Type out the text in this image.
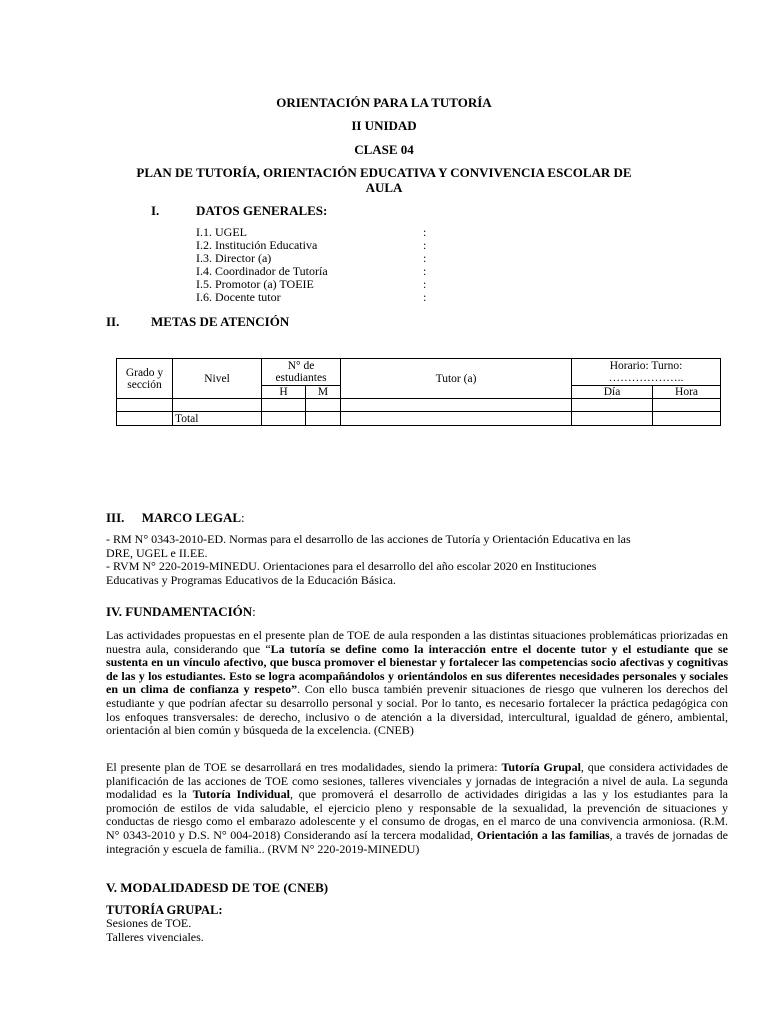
ORIENTACIÓN PARA LA TUTORÍA
II UNIDAD
CLASE 04
PLAN DE TUTORÍA, ORIENTACIÓN EDUCATIVA Y CONVIVENCIA ESCOLAR DE
AULA
I.	DATOS GENERALES:
I.1. UGEL	:
I.2. Institución Educativa	:
I.3. Director (a)	:
I.4. Coordinador de Tutoría	:
I.5. Promotor (a) TOEIE	:
I.6. Docente tutor	:
II. METAS DE ATENCIÓN
Grado y sección	Nivel	N° de estudiantes		Tutor (a)	Horario: Turno: ………………..	
		H	M		Día	Hora

	Total					
III. MARCO LEGAL:
- RM N° 0343-2010-ED. Normas para el desarrollo de las acciones de Tutoría y Orientación Educativa en las
DRE, UGEL e II.EE.
- RVM N° 220-2019-MINEDU. Orientaciones para el desarrollo del año escolar 2020 en Instituciones
Educativas y Programas Educativos de la Educación Básica.
IV. FUNDAMENTACIÓN:

Las actividades propuestas en el presente plan de TOE de aula responden a las distintas situaciones problemáticas priorizadas en nuestra aula, considerando que “La tutoría se define como la interacción entre el docente tutor y el estudiante que se sustenta en un vínculo afectivo, que busca promover el bienestar y fortalecer las competencias socio afectivas y cognitivas de las y los estudiantes. Esto se logra acompañándolos y orientándolos en sus diferentes necesidades personales y sociales en un clima de confianza y respeto”. Con ello busca también prevenir situaciones de riesgo que vulneren los derechos del estudiante y que podrían afectar su desarrollo personal y social. Por lo tanto, es necesario fortalecer la práctica pedagógica con los enfoques transversales: de derecho, inclusivo o de atención a la diversidad, intercultural, igualdad de género, ambiental, orientación al bien común y búsqueda de la excelencia. (CNEB)

El presente plan de TOE se desarrollará en tres modalidades, siendo la primera: Tutoría Grupal, que considera actividades de planificación de las acciones de TOE como sesiones, talleres vivenciales y jornadas de integración a nivel de aula. La segunda modalidad es la Tutoría Individual, que promoverá el desarrollo de actividades dirigidas a las y los estudiantes para la promoción de estilos de vida saludable, el ejercicio pleno y responsable de la sexualidad, la prevención de situaciones y conductas de riesgo como el embarazo adolescente y el consumo de drogas, en el marco de una convivencia armoniosa. (R.M. N° 0343-2010 y D.S. N° 004-2018) Considerando así la tercera modalidad, Orientación a las familias, a través de jornadas de integración y escuela de familia.. (RVM N° 220-2019-MINEDU)

V. MODALIDADESD DE TOE (CNEB)
TUTORÍA GRUPAL:
Sesiones de TOE.
Talleres vivenciales.
